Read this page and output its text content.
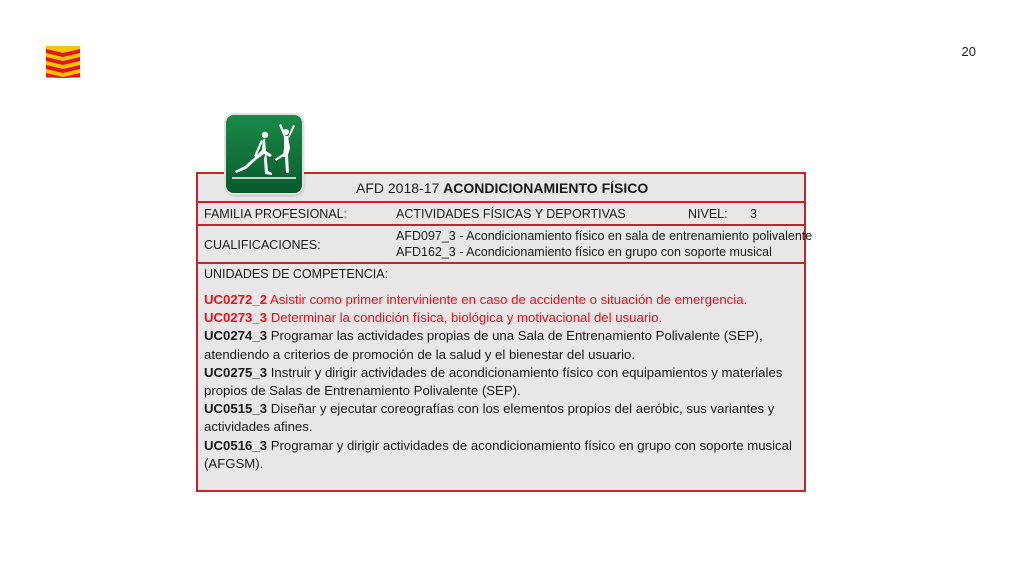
20
AFD 2018-17 ACONDICIONAMIENTO FÍSICO
FAMILIA PROFESIONAL:	ACTIVIDADES FÍSICAS Y DEPORTIVAS	NIVEL: 3
CUALIFICACIONES:
AFD097_3 - Acondicionamiento físico en sala de entrenamiento polivalente
AFD162_3 - Acondicionamiento físico en grupo con soporte musical
UNIDADES DE COMPETENCIA:
UC0272_2 Asistir como primer interviniente en caso de accidente o situación de emergencia.
UC0273_3 Determinar la condición física, biológica y motivacional del usuario.
UC0274_3 Programar las actividades propias de una Sala de Entrenamiento Polivalente (SEP), atendiendo a criterios de promoción de la salud y el bienestar del usuario.
UC0275_3 Instruir y dirigir actividades de acondicionamiento físico con equipamientos y materiales propios de Salas de Entrenamiento Polivalente (SEP).
UC0515_3 Diseñar y ejecutar coreografías con los elementos propios del aeróbic, sus variantes y actividades afines.
UC0516_3 Programar y dirigir actividades de acondicionamiento físico en grupo con soporte musical (AFGSM).
